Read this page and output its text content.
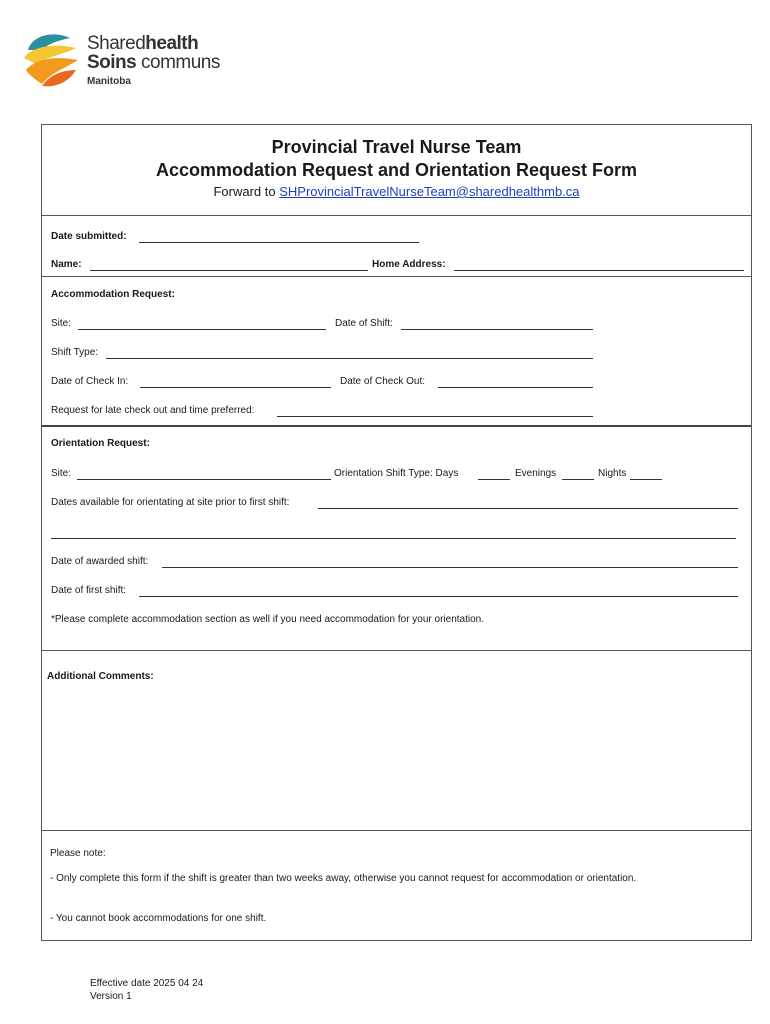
Sharedhealth
Soins communs
Manitoba
Provincial Travel Nurse Team
Accommodation Request and Orientation Request Form
Forward to SHProvincialTravelNurseTeam@sharedhealthmb.ca
Date submitted:
Name:	Home Address:
Accommodation Request:
Site:	Date of Shift:
Shift Type:
Date of Check In:	Date of Check Out:
Request for late check out and time preferred:
Orientation Request:
Site:	Orientation Shift Type: Days	Evenings	Nights
Dates available for orientating at site prior to first shift:
Date of awarded shift:
Date of first shift:
*Please complete accommodation section as well if you need accommodation for your orientation.
Additional Comments:
Please note:
- Only complete this form if the shift is greater than two weeks away, otherwise you cannot request for accommodation or orientation.
- You cannot book accommodations for one shift.
Effective date 2025 04 24
Version 1
